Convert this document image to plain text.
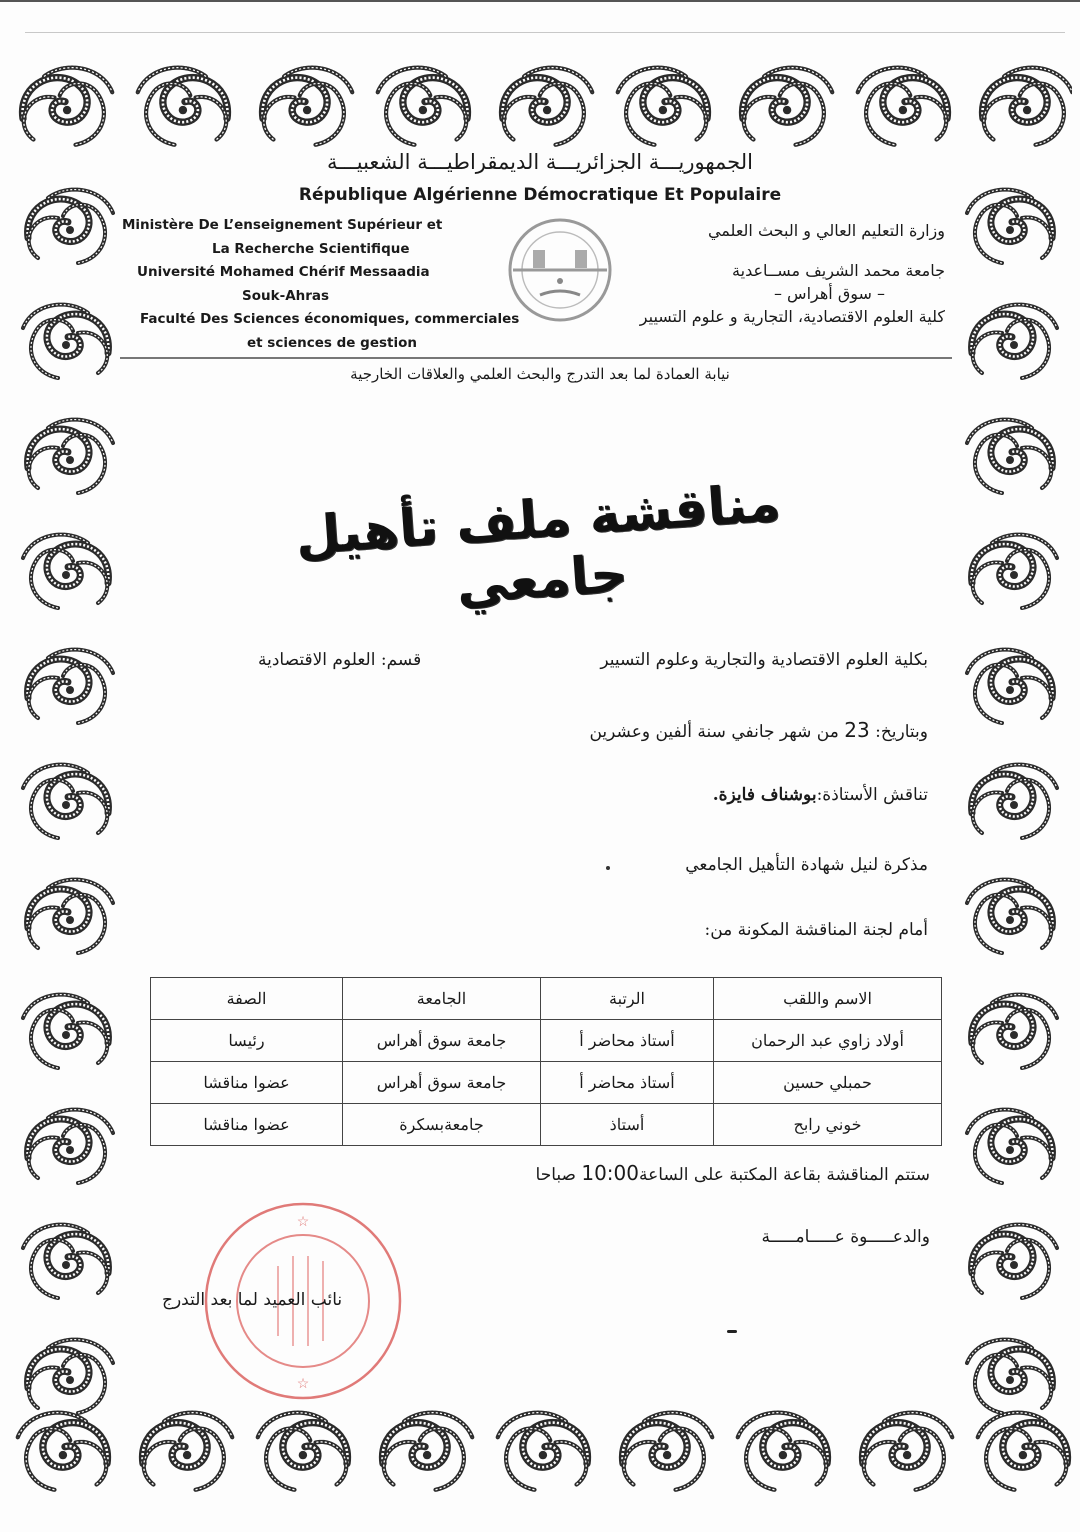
الجمهوريـــة الجزائريـــة الديمقراطيـــة الشعبيـــة
République Algérienne Démocratique Et Populaire
Ministère De L’enseignement Supérieur et
La Recherche Scientifique
Université Mohamed Chérif Messaadia
Souk-Ahras
Faculté Des Sciences économiques, commerciales
et sciences de gestion
وزارة التعليم العالي و البحث العلمي
جامعة محمد الشريف مســاعدية
– سوق أهراس –
كلية العلوم الاقتصادية، التجارية و علوم التسيير
نيابة العمادة لما بعد التدرج والبحث العلمي والعلاقات الخارجية
مناقشة ملف تأهيل جامعي
بكلية العلوم الاقتصادية والتجارية وعلوم التسيير
قسم: العلوم الاقتصادية
وبتاريخ: 23 من شهر جانفي سنة ألفين وعشرين
تناقش الأستاذة:بوشناف فايزة.
مذكرة لنيل شهادة التأهيل الجامعي
أمام لجنة المناقشة المكونة من:
الاسم واللقب	الرتبة	الجامعة	الصفة
أولاد زاوي عبد الرحمان	أستاذ محاضر أ	جامعة سوق أهراس	رئيسا
حمبلي حسين	أستاذ محاضر أ	جامعة سوق أهراس	عضوا مناقشا
خوني رابح	أستاذ	جامعةبسكرة	عضوا مناقشا
ستتم المناقشة بقاعة المكتبة على الساعة10:00 صباحا
والدعـــــوة عـــــامـــــة
☆
☆
نائب العميد لما بعد التدرج
